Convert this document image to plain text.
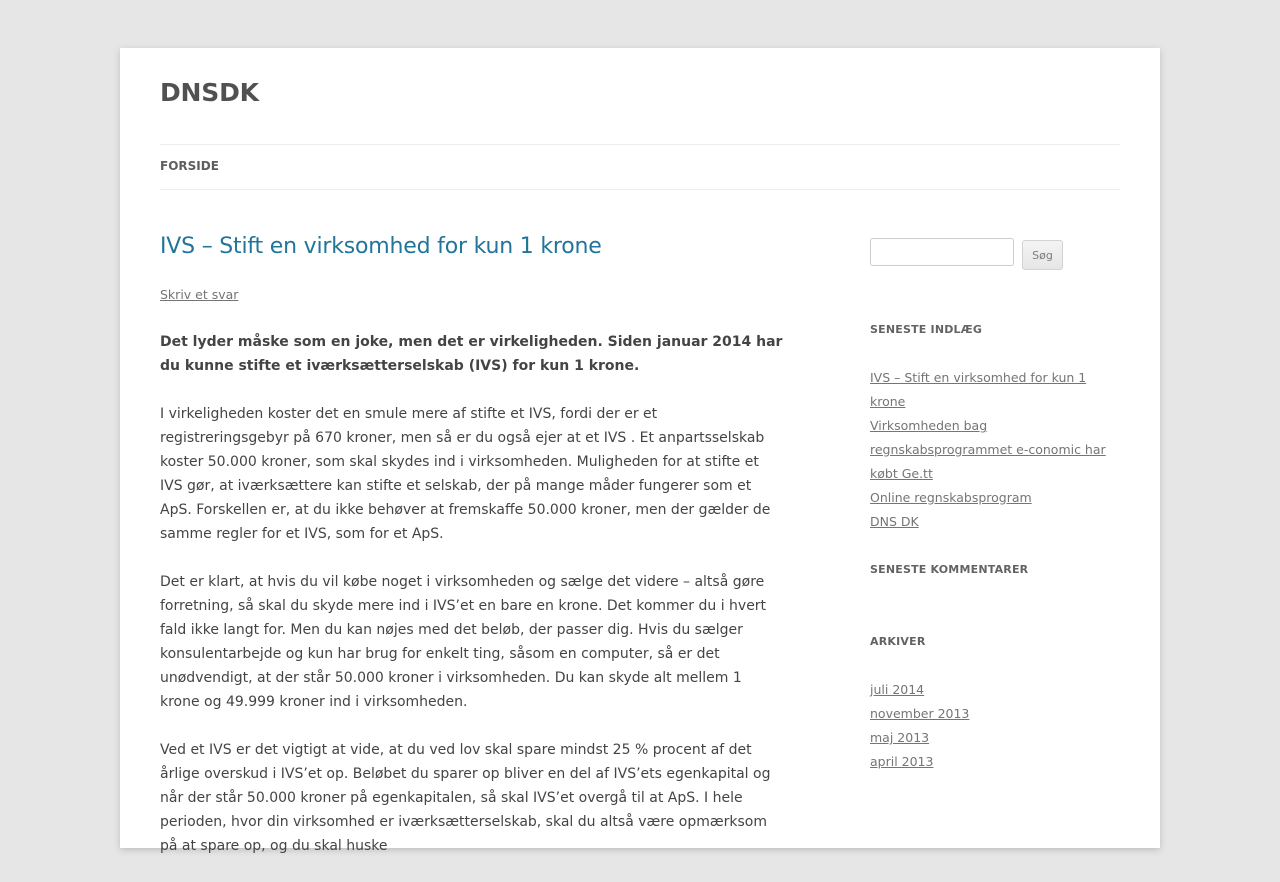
DNSDK
FORSIDE
IVS – Stift en virksomhed for kun 1 krone
Skriv et svar

Det lyder måske som en joke, men det er virkeligheden. Siden januar 2014 har du kunne stifte et iværksætterselskab (IVS) for kun 1 krone.

I virkeligheden koster det en smule mere af stifte et IVS, fordi der er et registreringsgebyr på 670 kroner, men så er du også ejer at et IVS . Et anpartsselskab koster 50.000 kroner, som skal skydes ind i virksomheden. Muligheden for at stifte et IVS gør, at iværksættere kan stifte et selskab, der på mange måder fungerer som et ApS. Forskellen er, at du ikke behøver at fremskaffe 50.000 kroner, men der gælder de samme regler for et IVS, som for et ApS.

Det er klart, at hvis du vil købe noget i virksomheden og sælge det videre – altså gøre forretning, så skal du skyde mere ind i IVS’et en bare en krone. Det kommer du i hvert fald ikke langt for. Men du kan nøjes med det beløb, der passer dig. Hvis du sælger konsulentarbejde og kun har brug for enkelt ting, såsom en computer, så er det unødvendigt, at der står 50.000 kroner i virksomheden. Du kan skyde alt mellem 1 krone og 49.999 kroner ind i virksomheden.

Ved et IVS er det vigtigt at vide, at du ved lov skal spare mindst 25 % procent af det årlige overskud i IVS’et op. Beløbet du sparer op bliver en del af IVS’ets egenkapital og når der står 50.000 kroner på egenkapitalen, så skal IVS’et overgå til at ApS. I hele perioden, hvor din virksomhed er iværksætterselskab, skal du altså være opmærksom på at spare op, og du skal huske

Søg
SENESTE INDLÆG
IVS – Stift en virksomhed for kun 1 krone
Virksomheden bag
regnskabsprogrammet e-conomic har købt Ge.tt
Online regnskabsprogram
DNS DK
SENESTE KOMMENTARER
ARKIVER
juli 2014
november 2013
maj 2013
april 2013
